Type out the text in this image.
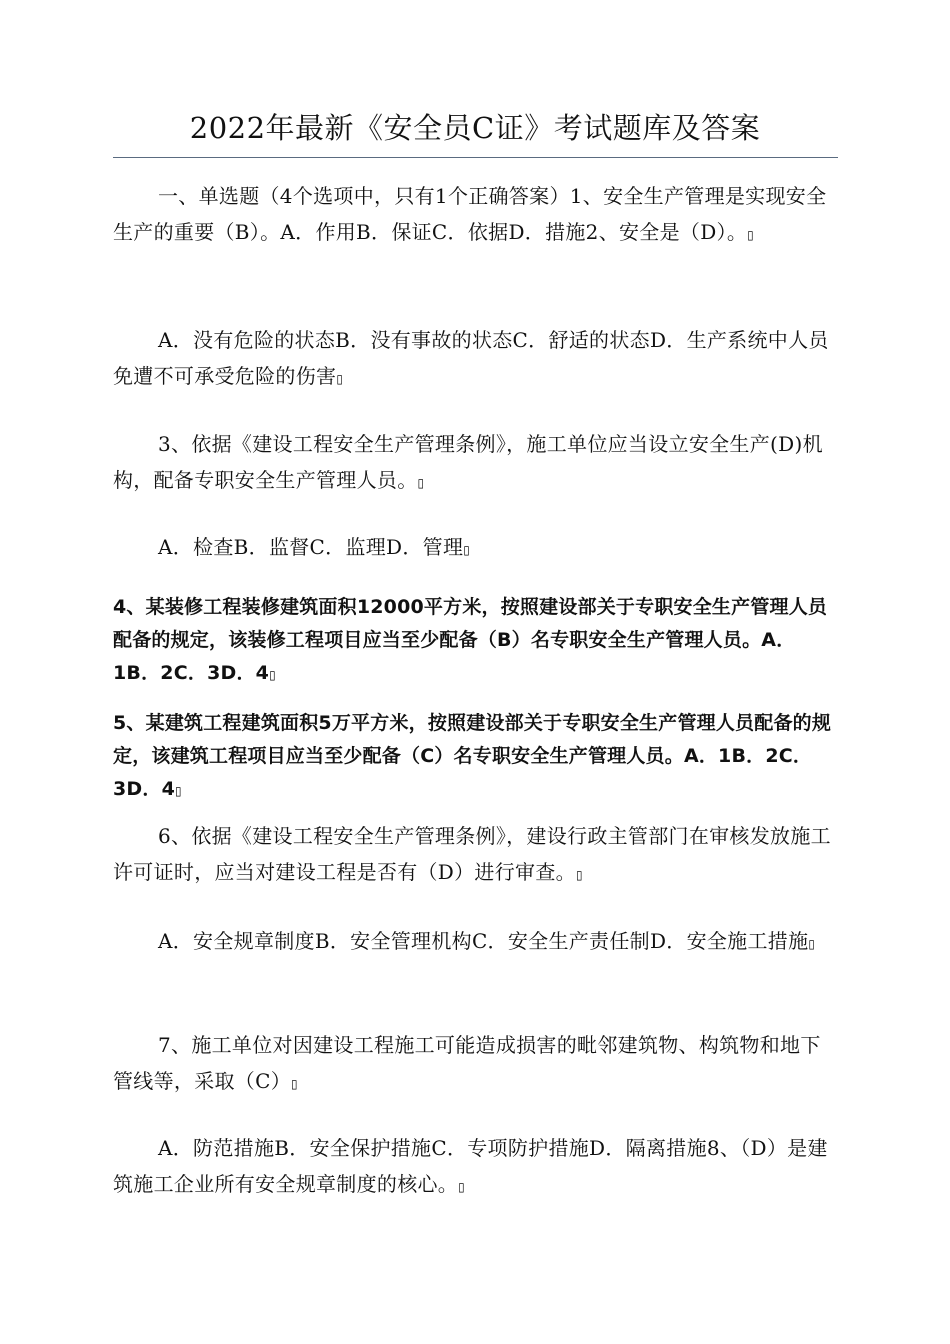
2022年最新《安全员C证》考试题库及答案
一、单选题（4个选项中，只有1个正确答案）1、安全生产管理是实现安全生产的重要（B）。A．作用B．保证C．依据D．措施2、安全是（D）。▯
A．没有危险的状态B．没有事故的状态C．舒适的状态D．生产系统中人员免遭不可承受危险的伤害▯
3、依据《建设工程安全生产管理条例》，施工单位应当设立安全生产(D)机构，配备专职安全生产管理人员。▯
A．检查B．监督C．监理D．管理▯
4、某装修工程装修建筑面积12000平方米，按照建设部关于专职安全生产管理人员配备的规定，该装修工程项目应当至少配备（B）名专职安全生产管理人员。A．1B．2C．3D．4▯
5、某建筑工程建筑面积5万平方米，按照建设部关于专职安全生产管理人员配备的规定，该建筑工程项目应当至少配备（C）名专职安全生产管理人员。A．1B．2C．3D．4▯
6、依据《建设工程安全生产管理条例》，建设行政主管部门在审核发放施工许可证时，应当对建设工程是否有（D）进行审查。▯
A．安全规章制度B．安全管理机构C．安全生产责任制D．安全施工措施▯
7、施工单位对因建设工程施工可能造成损害的毗邻建筑物、构筑物和地下管线等，采取（C）▯
A．防范措施B．安全保护措施C．专项防护措施D．隔离措施8、（D）是建筑施工企业所有安全规章制度的核心。▯
